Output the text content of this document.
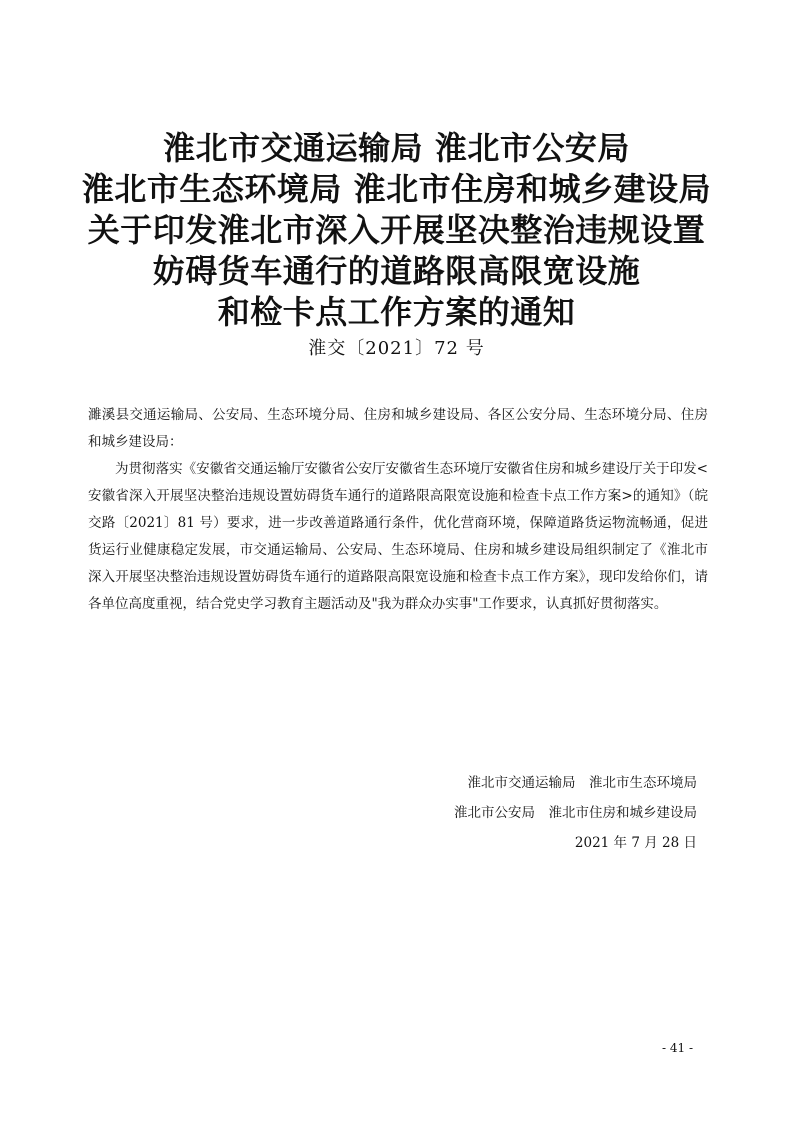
淮北市交通运输局 淮北市公安局
淮北市生态环境局 淮北市住房和城乡建设局
关于印发淮北市深入开展坚决整治违规设置
妨碍货车通行的道路限高限宽设施
和检卡点工作方案的通知
淮交〔2021〕72 号

濉溪县交通运输局、公安局、生态环境分局、住房和城乡建设局、各区公安分局、生态环境分局、住房和城乡建设局：

为贯彻落实《安徽省交通运输厅安徽省公安厅安徽省生态环境厅安徽省住房和城乡建设厅关于印发<安徽省深入开展坚决整治违规设置妨碍货车通行的道路限高限宽设施和检查卡点工作方案>的通知》（皖交路〔2021〕81 号）要求，进一步改善道路通行条件，优化营商环境，保障道路货运物流畅通，促进货运行业健康稳定发展，市交通运输局、公安局、生态环境局、住房和城乡建设局组织制定了《淮北市深入开展坚决整治违规设置妨碍货车通行的道路限高限宽设施和检查卡点工作方案》，现印发给你们，请各单位高度重视，结合党史学习教育主题活动及"我为群众办实事"工作要求，认真抓好贯彻落实。

淮北市交通运输局　淮北市生态环境局
淮北市公安局　淮北市住房和城乡建设局
2021 年 7 月 28 日
- 41 -
